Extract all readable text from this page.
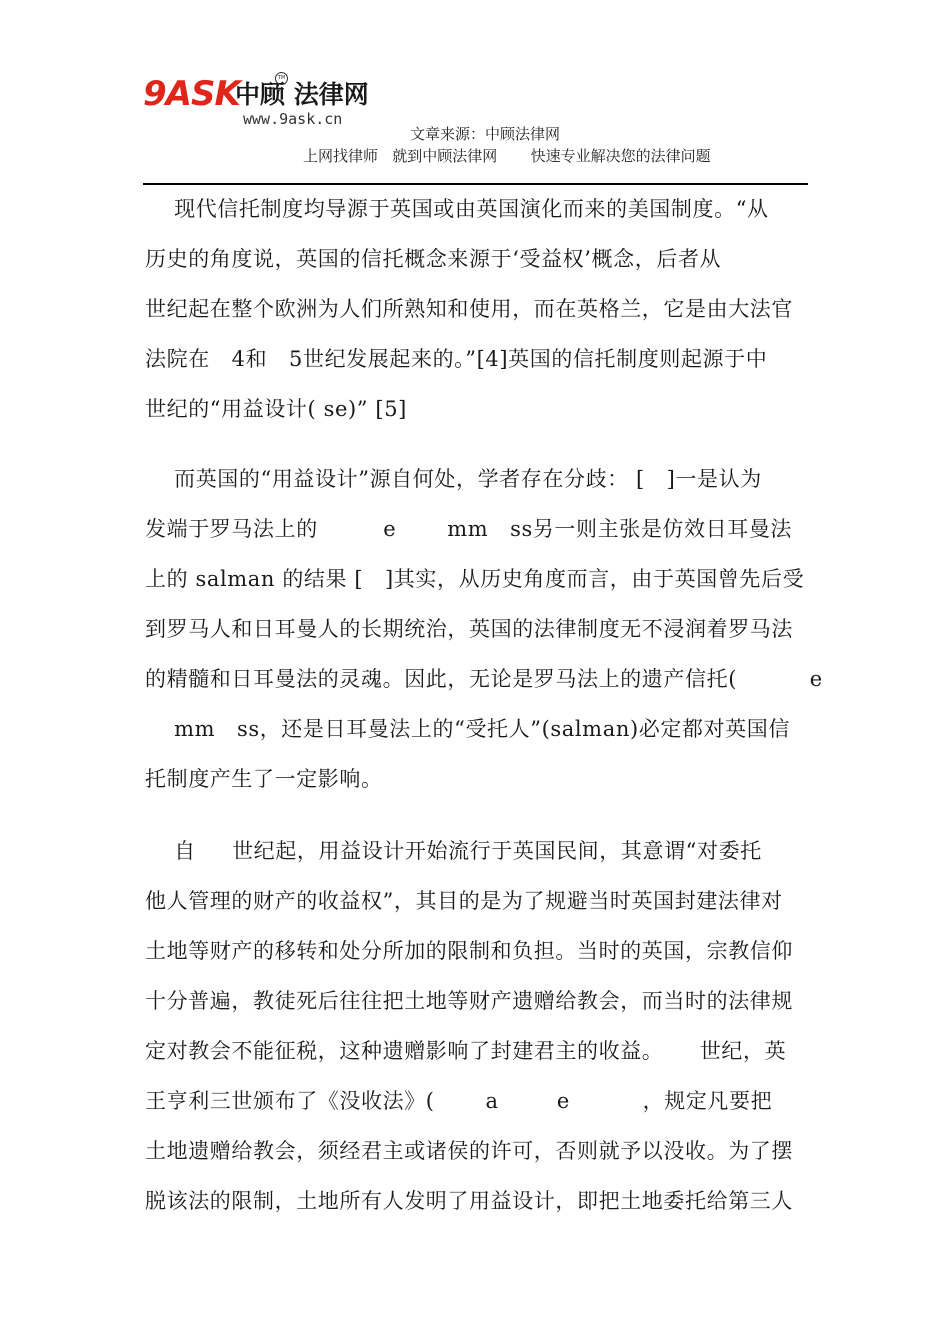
9ASK
中顾 法律网
TM
www.9ask.cn
文章来源：中顾法律网
上网找律师   就到中顾法律网       快速专业解决您的法律问题
现代信托制度均导源于英国或由英国演化而来的美国制度。“从
历史的角度说，英国的信托概念来源于‘受益权’概念，后者从
世纪起在整个欧洲为人们所熟知和使用，而在英格兰，它是由大法官
法院在   4和   5世纪发展起来的。”[4]英国的信托制度则起源于中
世纪的“用益设计( se)” [5]
而英国的“用益设计”源自何处，学者存在分歧： [   ]一是认为
发端于罗马法上的         e       mm   ss另一则主张是仿效日耳曼法
上的 salman 的结果 [   ]其实，从历史角度而言，由于英国曾先后受
到罗马人和日耳曼人的长期统治，英国的法律制度无不浸润着罗马法
的精髓和日耳曼法的灵魂。因此，无论是罗马法上的遗产信托(          e
mm   ss，还是日耳曼法上的“受托人”(salman)必定都对英国信
托制度产生了一定影响。
自     世纪起，用益设计开始流行于英国民间，其意谓“对委托
他人管理的财产的收益权”，其目的是为了规避当时英国封建法律对
土地等财产的移转和处分所加的限制和负担。当时的英国，宗教信仰
十分普遍，教徒死后往往把土地等财产遗赠给教会，而当时的法律规
定对教会不能征税，这种遗赠影响了封建君主的收益。     世纪，英
王亨利三世颁布了《没收法》(       a        e          ，规定凡要把
土地遗赠给教会，须经君主或诸侯的许可，否则就予以没收。为了摆
脱该法的限制，土地所有人发明了用益设计，即把土地委托给第三人
